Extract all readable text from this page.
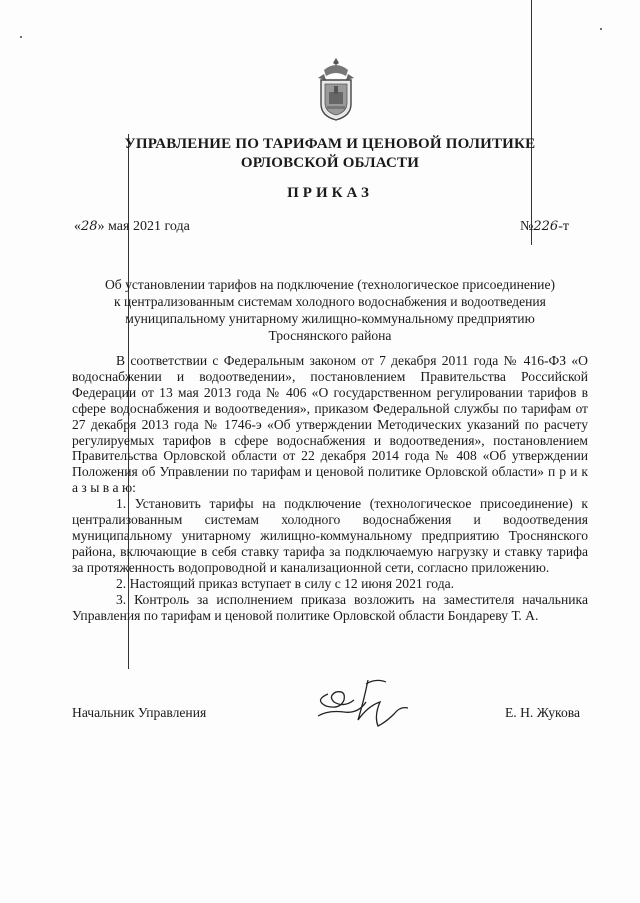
УПРАВЛЕНИЕ ПО ТАРИФАМ И ЦЕНОВОЙ ПОЛИТИКЕ
ОРЛОВСКОЙ ОБЛАСТИ
ПРИКАЗ
«28» мая 2021 года	№226-т
Об установлении тарифов на подключение (технологическое присоединение)
к централизованным системам холодного водоснабжения и водоотведения
муниципальному унитарному жилищно-коммунальному предприятию
Троснянского района

В соответствии с Федеральным законом от 7 декабря 2011 года № 416-ФЗ «О водоснабжении и водоотведении», постановлением Правительства Российской Федерации от 13 мая 2013 года № 406 «О государственном регулировании тарифов в сфере водоснабжения и водоотведения», приказом Федеральной службы по тарифам от 27 декабря 2013 года № 1746-э «Об утверждении Методических указаний по расчету регулируемых тарифов в сфере водоснабжения и водоотведения», постановлением Правительства Орловской области от 22 декабря 2014 года № 408 «Об утверждении Положения об Управлении по тарифам и ценовой политике Орловской области» п р и к а з ы в а ю:

1. Установить тарифы на подключение (технологическое присоединение) к централизованным системам холодного водоснабжения и водоотведения муниципальному унитарному жилищно-коммунальному предприятию Троснянского района, включающие в себя ставку тарифа за подключаемую нагрузку и ставку тарифа за протяженность водопроводной и канализационной сети, согласно приложению.

2. Настоящий приказ вступает в силу с 12 июня 2021 года.

3. Контроль за исполнением приказа возложить на заместителя начальника Управления по тарифам и ценовой политике Орловской области Бондареву Т. А.

Начальник Управления	Е. Н. Жукова
